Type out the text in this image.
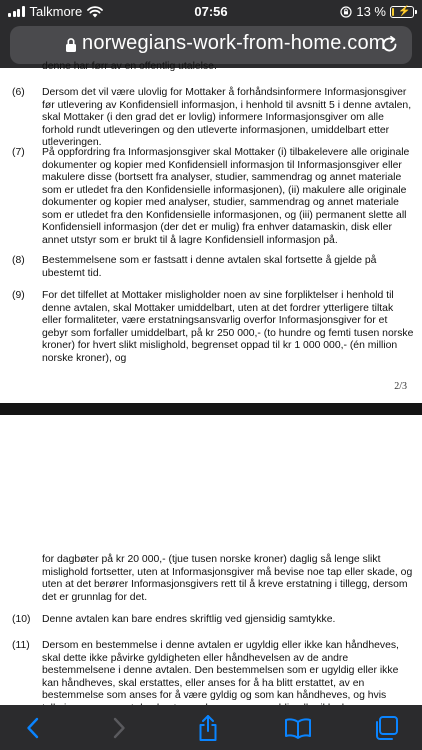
Talkmore	07:56	13 % ⚡
norwegians-work-from-home.com
denne har førr av en offentlig utalelse.
(6) Dersom det vil være ulovlig for Mottaker å forhåndsinformere Informasjonsgiver før utlevering av Konfidensiell informasjon, i henhold til avsnitt 5 i denne avtalen, skal Mottaker (i den grad det er lovlig) informere Informasjonsgiver om alle forhold rundt utleveringen og den utleverte informasjonen, umiddelbart etter utleveringen.
(7) På oppfordring fra Informasjonsgiver skal Mottaker (i) tilbakelevere alle originale dokumenter og kopier med Konfidensiell informasjon til Informasjonsgiver eller makulere disse (bortsett fra analyser, studier, sammendrag og annet materiale som er utledet fra den Konfidensielle informasjonen), (ii) makulere alle originale dokumenter og kopier med analyser, studier, sammendrag og annet materiale som er utledet fra den Konfidensielle informasjonen, og (iii) permanent slette all Konfidensiell informasjon (der det er mulig) fra enhver datamaskin, disk eller annet utstyr som er brukt til å lagre Konfidensiell informasjon på.
(8) Bestemmelsene som er fastsatt i denne avtalen skal fortsette å gjelde på ubestemt tid.
(9) For det tilfellet at Mottaker misligholder noen av sine forpliktelser i henhold til denne avtalen, skal Mottaker umiddelbart, uten at det fordrer ytterligere tiltak eller formaliteter, være erstatningsansvarlig overfor Informasjonsgiver for et gebyr som forfaller umiddelbart, på kr 250 000,- (to hundre og femti tusen norske kroner) for hvert slikt mislighold, begrenset oppad til kr 1 000 000,- (én million norske kroner), og
2/3
for dagbøter på kr 20 000,- (tjue tusen norske kroner) daglig så lenge slikt mislighold fortsetter, uten at Informasjonsgiver må bevise noe tap eller skade, og uten at det berører Informasjonsgivers rett til å kreve erstatning i tillegg, dersom det er grunnlag for det.
(10) Denne avtalen kan bare endres skriftlig ved gjensidig samtykke.
(11) Dersom en bestemmelse i denne avtalen er ugyldig eller ikke kan håndheves, skal dette ikke påvirke gyldigheten eller håndhevelsen av de andre bestemmelsene i denne avtalen. Den bestemmelsen som er ugyldig eller ikke kan håndheves, skal erstattes, eller anses for å ha blitt erstattet, av en bestemmelse som anses for å være gyldig og som kan håndheves, og hvis
